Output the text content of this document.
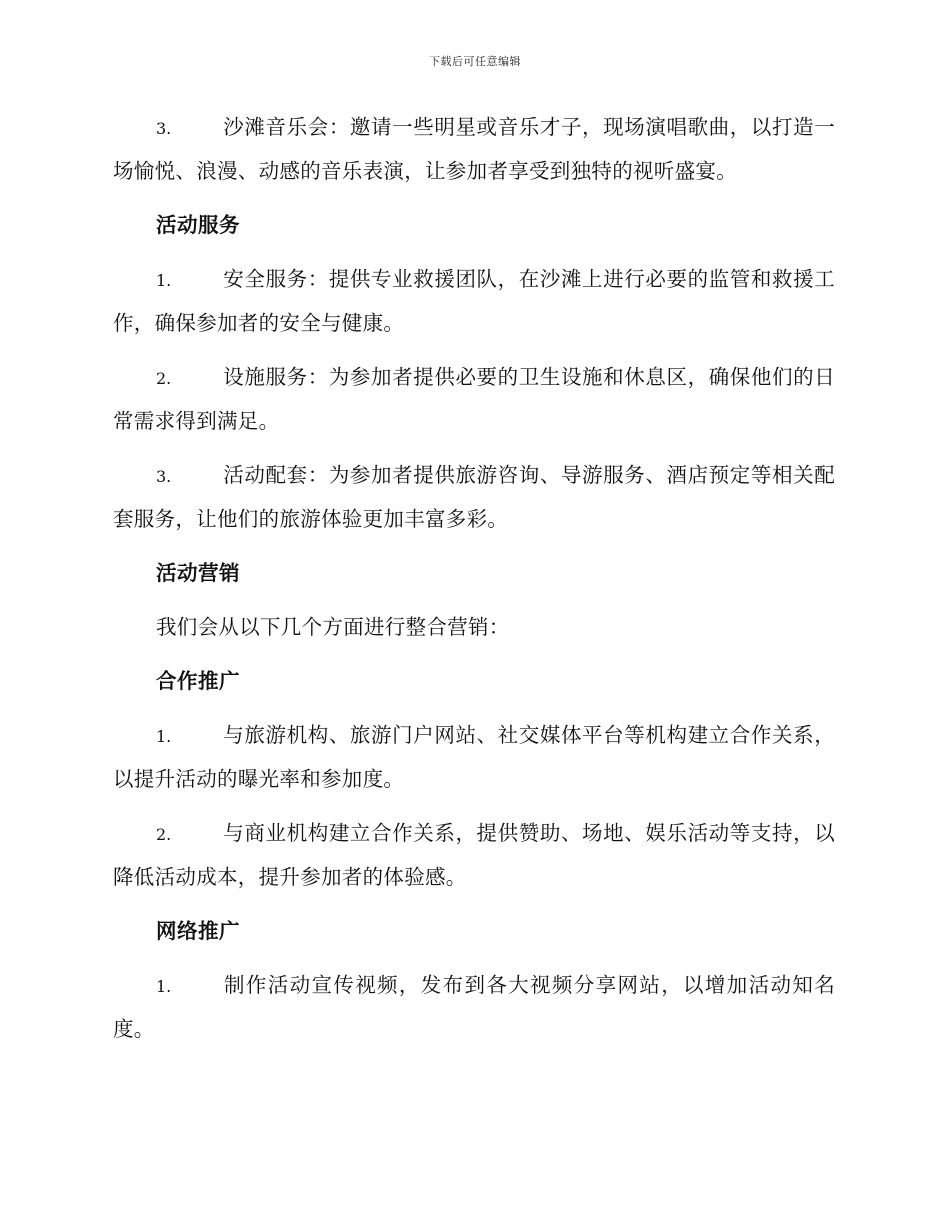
下载后可任意编辑

3.	沙滩音乐会：邀请一些明星或音乐才子，现场演唱歌曲，以打造一场愉悦、浪漫、动感的音乐表演，让参加者享受到独特的视听盛宴。

活动服务

1.	安全服务：提供专业救援团队，在沙滩上进行必要的监管和救援工作，确保参加者的安全与健康。

2.	设施服务：为参加者提供必要的卫生设施和休息区，确保他们的日常需求得到满足。

3.	活动配套：为参加者提供旅游咨询、导游服务、酒店预定等相关配套服务，让他们的旅游体验更加丰富多彩。

活动营销

我们会从以下几个方面进行整合营销：

合作推广

1.	与旅游机构、旅游门户网站、社交媒体平台等机构建立合作关系，以提升活动的曝光率和参加度。

2.	与商业机构建立合作关系，提供赞助、场地、娱乐活动等支持，以降低活动成本，提升参加者的体验感。

网络推广

1.	制作活动宣传视频，发布到各大视频分享网站，以增加活动知名度。
